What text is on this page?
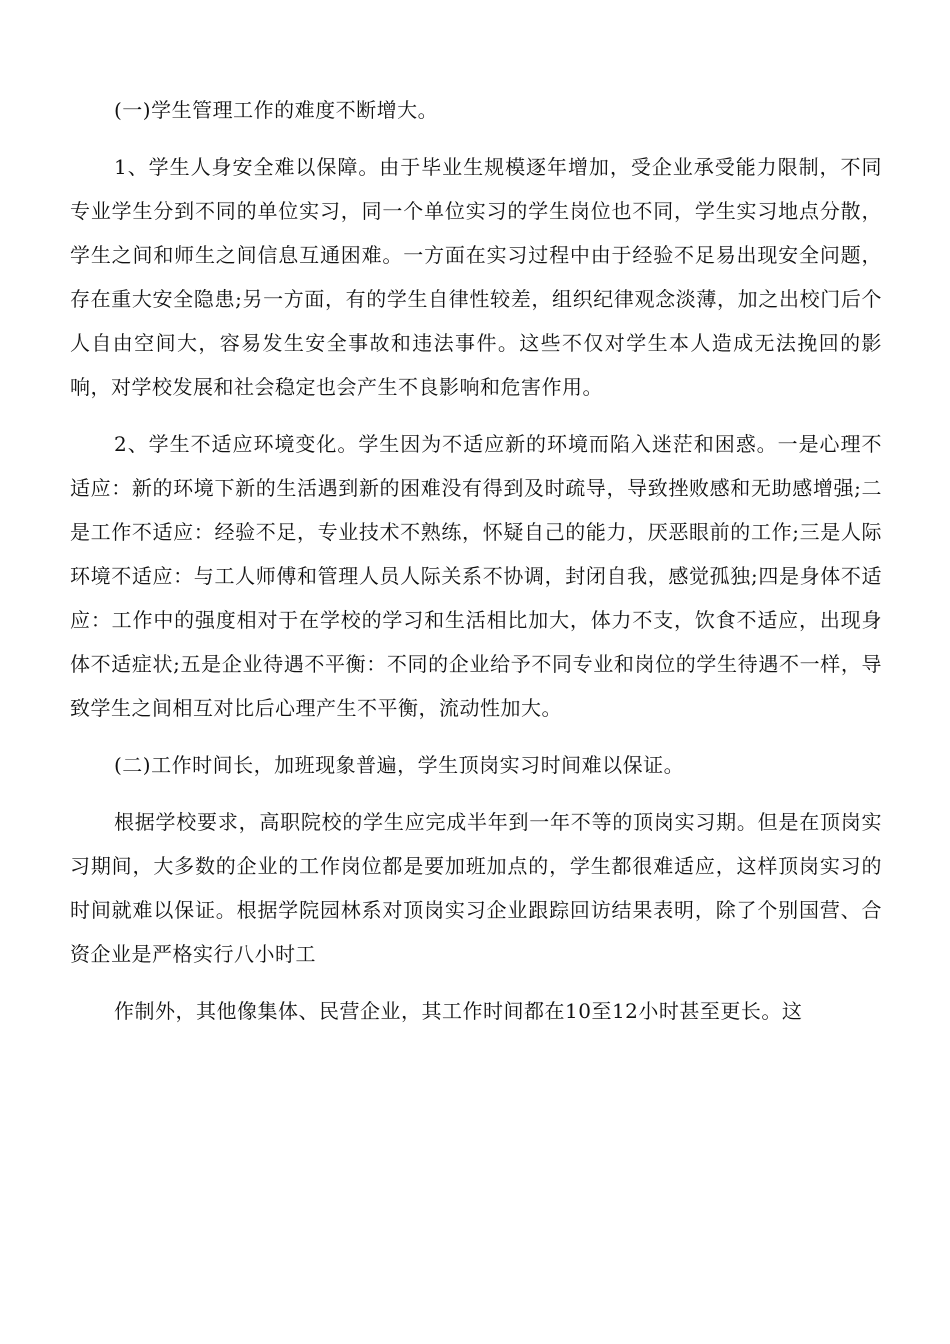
(一)学生管理工作的难度不断增大。

1、学生人身安全难以保障。由于毕业生规模逐年增加，受企业承受能力限制，不同专业学生分到不同的单位实习，同一个单位实习的学生岗位也不同，学生实习地点分散，学生之间和师生之间信息互通困难。一方面在实习过程中由于经验不足易出现安全问题，存在重大安全隐患;另一方面，有的学生自律性较差，组织纪律观念淡薄，加之出校门后个人自由空间大，容易发生安全事故和违法事件。这些不仅对学生本人造成无法挽回的影响，对学校发展和社会稳定也会产生不良影响和危害作用。

2、学生不适应环境变化。学生因为不适应新的环境而陷入迷茫和困惑。一是心理不适应：新的环境下新的生活遇到新的困难没有得到及时疏导，导致挫败感和无助感增强;二是工作不适应：经验不足，专业技术不熟练，怀疑自己的能力，厌恶眼前的工作;三是人际环境不适应：与工人师傅和管理人员人际关系不协调，封闭自我，感觉孤独;四是身体不适应：工作中的强度相对于在学校的学习和生活相比加大，体力不支，饮食不适应，出现身体不适症状;五是企业待遇不平衡：不同的企业给予不同专业和岗位的学生待遇不一样，导致学生之间相互对比后心理产生不平衡，流动性加大。

(二)工作时间长，加班现象普遍，学生顶岗实习时间难以保证。

根据学校要求，高职院校的学生应完成半年到一年不等的顶岗实习期。但是在顶岗实习期间，大多数的企业的工作岗位都是要加班加点的，学生都很难适应，这样顶岗实习的时间就难以保证。根据学院园林系对顶岗实习企业跟踪回访结果表明，除了个别国营、合资企业是严格实行八小时工

作制外，其他像集体、民营企业，其工作时间都在10至12小时甚至更长。这
